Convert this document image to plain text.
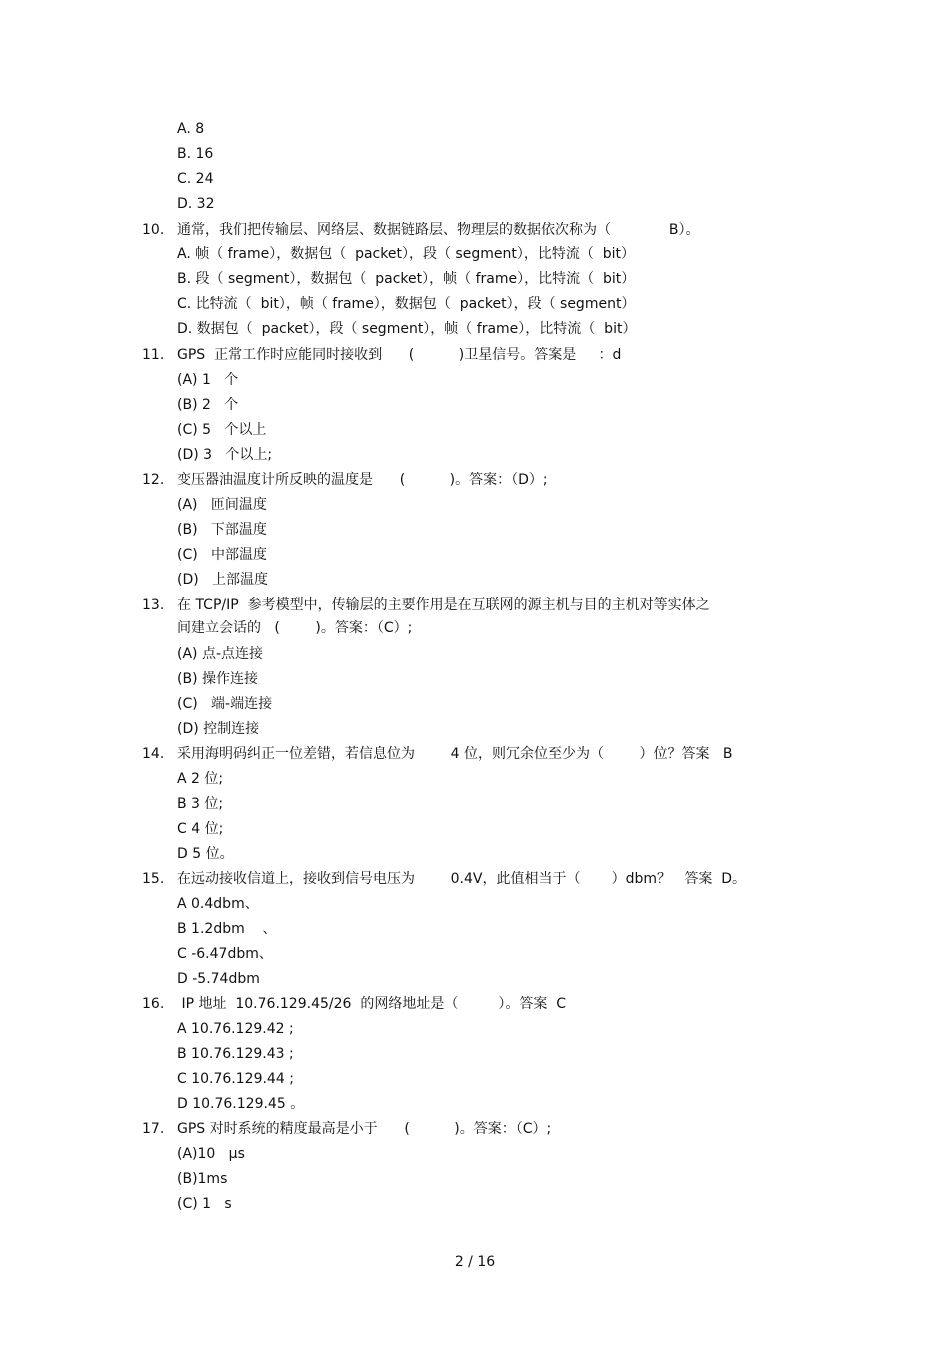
A. 8
B. 16
C. 24
D. 32
10. 通常，我们把传输层、网络层、数据链路层、物理层的数据依次称为（             B）。
A. 帧（ frame），数据包（  packet），段（ segment），比特流（  bit）
B. 段（ segment），数据包（  packet），帧（ frame），比特流（  bit）
C. 比特流（  bit），帧（ frame），数据包（  packet），段（ segment）
D. 数据包（  packet），段（ segment），帧（ frame），比特流（  bit）
11. GPS  正常工作时应能同时接收到      (          )卫星信号。答案是     ：d
(A) 1   个
(B) 2   个
(C) 5   个以上
(D) 3   个以上;
12. 变压器油温度计所反映的温度是      (          )。答案：（D）;
(A)   匝间温度
(B)   下部温度
(C)   中部温度
(D)   上部温度
13. 在 TCP/IP  参考模型中，传输层的主要作用是在互联网的源主机与目的主机对等实体之
间建立会话的   (        )。答案：（C）;
(A) 点-点连接
(B) 操作连接
(C)   端-端连接
(D) 控制连接
14. 采用海明码纠正一位差错，若信息位为        4 位，则冗余位至少为（        ）位？答案   B
A 2 位;
B 3 位;
C 4 位;
D 5 位。
15. 在远动接收信道上，接收到信号电压为        0.4V，此值相当于（       ）dbm？   答案  D。
A 0.4dbm、
B 1.2dbm    、
C -6.47dbm、
D -5.74dbm
16. IP 地址  10.76.129.45/26  的网络地址是（         ）。答案  C
A 10.76.129.42 ;
B 10.76.129.43 ;
C 10.76.129.44 ;
D 10.76.129.45 。
17. GPS 对时系统的精度最高是小于      (          )。答案：（C）;
(A)10   μs
(B)1ms
(C) 1   s
2 / 16
